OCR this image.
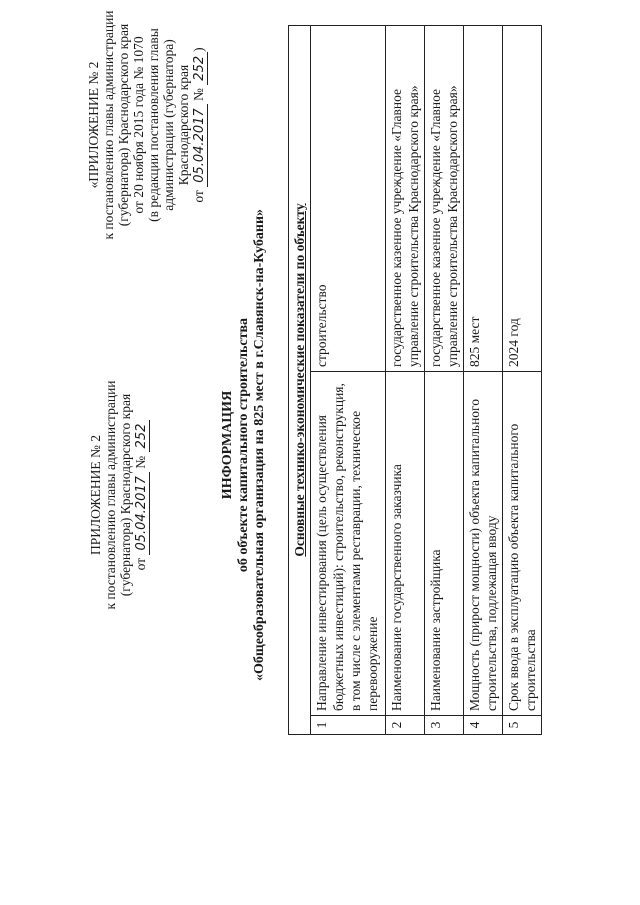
ПРИЛОЖЕНИЕ № 2 к постановлению главы администрации (губернатора) Краснодарского края от 05.04.2017 № 252
«ПРИЛОЖЕНИЕ № 2 к постановлению главы администрации (губернатора) Краснодарского края от 20 ноября 2015 года № 1070 (в редакции постановления главы администрации (губернатора) Краснодарского края
от 05.04.2017 № 252)
ИНФОРМАЦИЯ об объекте капитального строительства «Общеобразовательная организация на 825 мест в г.Славянск-на-Кубани» Основные технико-экономические показатели по объекту		
1	Направление инвестирования (цель осуществления бюджетных инвестиций): строительство, реконструкция, в том числе с элементами реставрации, техническое перевооружение	строительство
2	Наименование государственного заказчика	государственное казенное учреждение «Главное управление строительства Краснодарского края»
3	Наименование застройщика	государственное казенное учреждение «Главное управление строительства Краснодарского края»
4	Мощность (прирост мощности) объекта капитального строительства, подлежащая вводу	825 мест
5	Срок ввода в эксплуатацию объекта капитального строительства	2024 год
